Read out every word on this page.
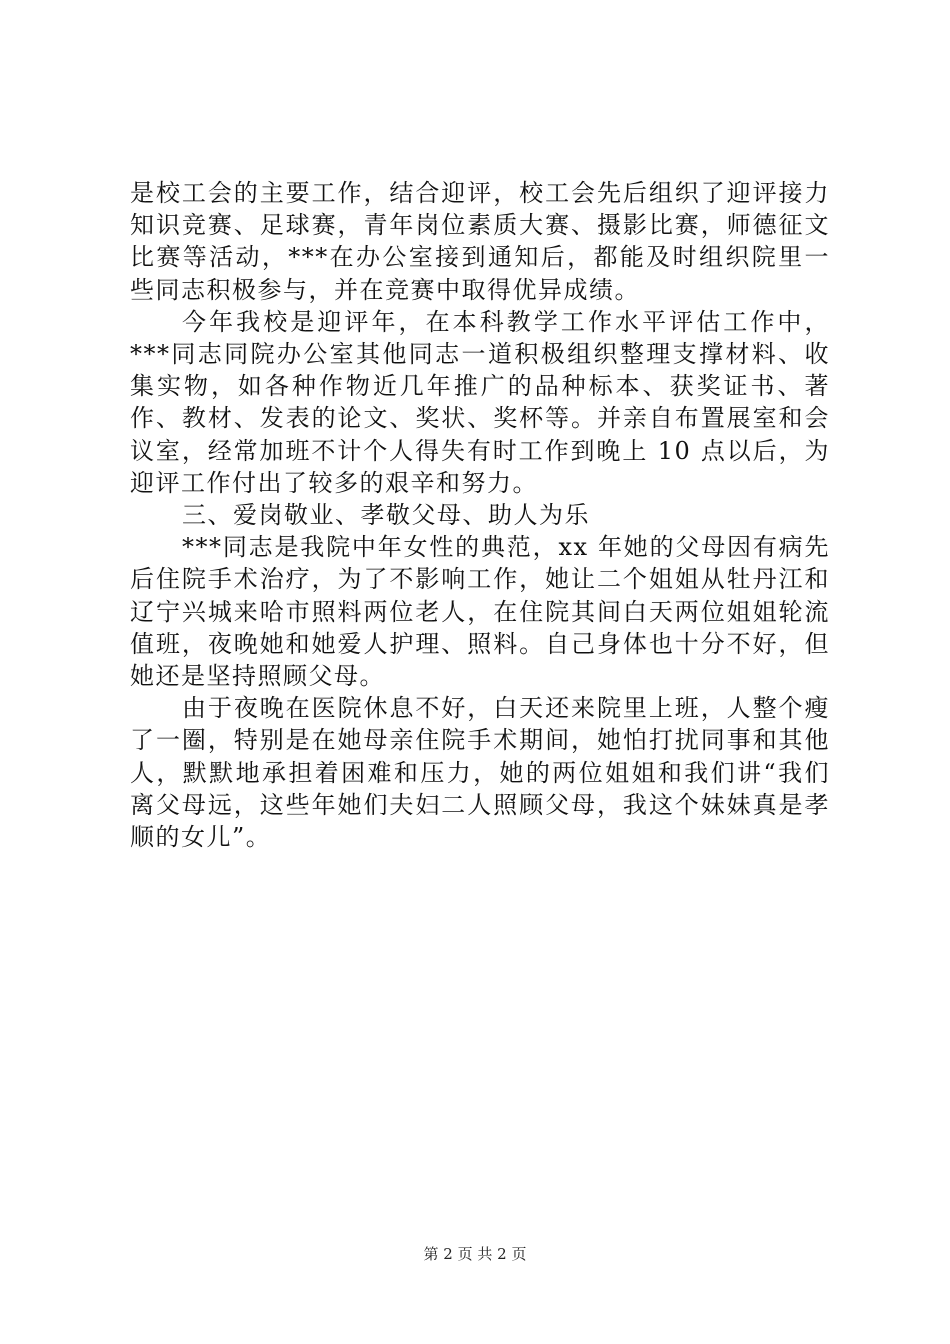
是校工会的主要工作，结合迎评，校工会先后组织了迎评接力知识竞赛、足球赛，青年岗位素质大赛、摄影比赛，师德征文比赛等活动，***在办公室接到通知后，都能及时组织院里一些同志积极参与，并在竞赛中取得优异成绩。

今年我校是迎评年，在本科教学工作水平评估工作中，***同志同院办公室其他同志一道积极组织整理支撑材料、收集实物，如各种作物近几年推广的品种标本、获奖证书、著作、教材、发表的论文、奖状、奖杯等。并亲自布置展室和会议室，经常加班不计个人得失有时工作到晚上 10 点以后，为迎评工作付出了较多的艰辛和努力。

三、爱岗敬业、孝敬父母、助人为乐

***同志是我院中年女性的典范，xx 年她的父母因有病先后住院手术治疗，为了不影响工作，她让二个姐姐从牡丹江和辽宁兴城来哈市照料两位老人，在住院其间白天两位姐姐轮流值班，夜晚她和她爱人护理、照料。自己身体也十分不好，但她还是坚持照顾父母。

由于夜晚在医院休息不好，白天还来院里上班，人整个瘦了一圈，特别是在她母亲住院手术期间，她怕打扰同事和其他人，默默地承担着困难和压力，她的两位姐姐和我们讲“我们离父母远，这些年她们夫妇二人照顾父母，我这个妹妹真是孝顺的女儿”。

第 2 页 共 2 页
